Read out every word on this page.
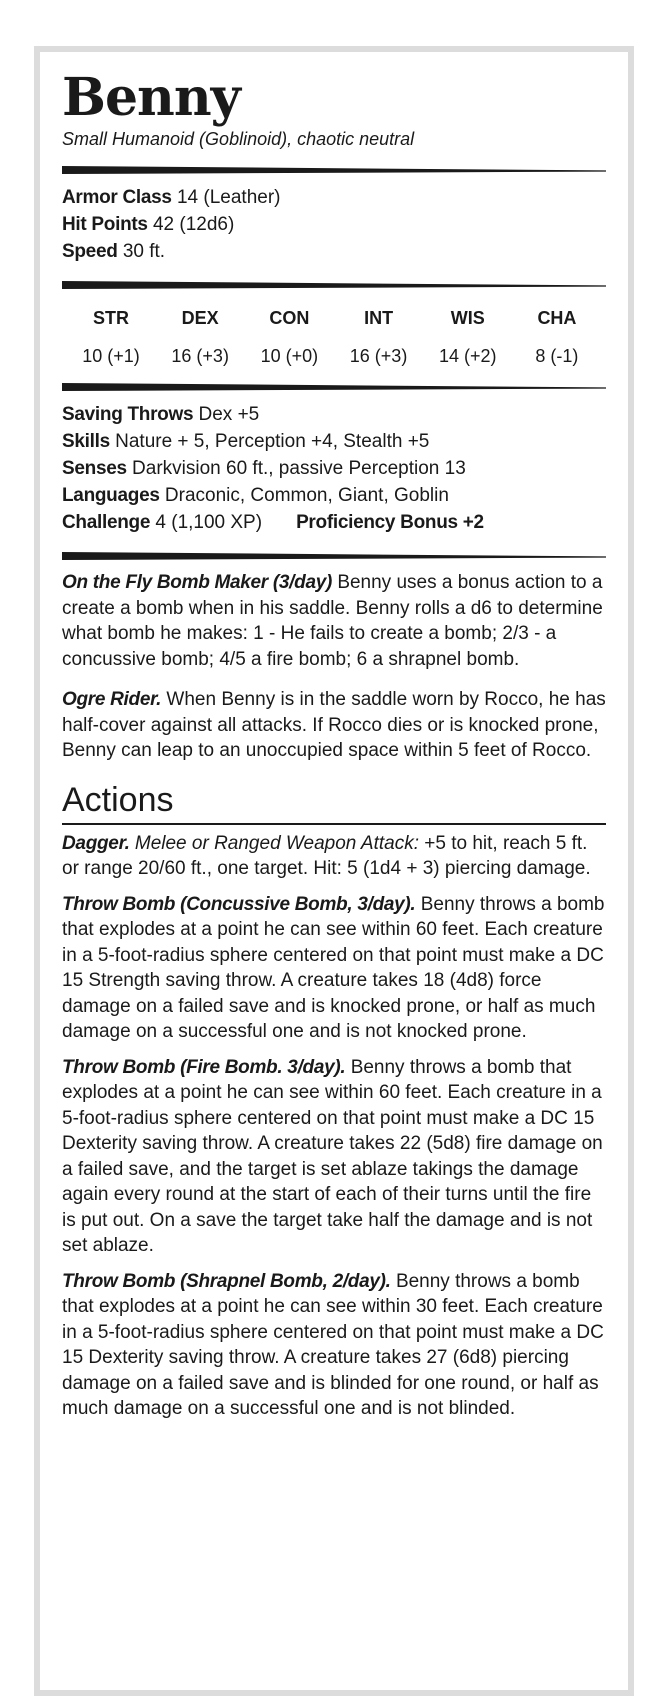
Benny

Small Humanoid (Goblinoid), chaotic neutral

Armor Class 14 (Leather)

Hit Points 42 (12d6)

Speed 30 ft.

STR
10 (+1)
DEX
16 (+3)
CON
10 (+0)
INT
16 (+3)
WIS
14 (+2)
CHA
8 (-1)

Saving Throws Dex +5

Skills Nature + 5, Perception +4, Stealth +5

Senses Darkvision 60 ft., passive Perception 13

Languages Draconic, Common, Giant, Goblin

Challenge 4 (1,100 XP) Proficiency Bonus +2

On the Fly Bomb Maker (3/day) Benny uses a bonus action to a create a bomb when in his saddle. Benny rolls a d6 to determine what bomb he makes: 1 - He fails to create a bomb; 2/3 - a concussive bomb; 4/5 a fire bomb; 6 a shrapnel bomb.

Ogre Rider. When Benny is in the saddle worn by Rocco, he has half-cover against all attacks. If Rocco dies or is knocked prone, Benny can leap to an unoccupied space within 5 feet of Rocco.

Actions

Dagger. Melee or Ranged Weapon Attack: +5 to hit, reach 5 ft. or range 20/60 ft., one target. Hit: 5 (1d4 + 3) piercing damage.

Throw Bomb (Concussive Bomb, 3/day). Benny throws a bomb that explodes at a point he can see within 60 feet. Each creature in a 5-foot-radius sphere centered on that point must make a DC 15 Strength saving throw. A creature takes 18 (4d8) force damage on a failed save and is knocked prone, or half as much damage on a successful one and is not knocked prone.

Throw Bomb (Fire Bomb. 3/day). Benny throws a bomb that explodes at a point he can see within 60 feet. Each creature in a 5-foot-radius sphere centered on that point must make a DC 15 Dexterity saving throw. A creature takes 22 (5d8) fire damage on a failed save, and the target is set ablaze takings the damage again every round at the start of each of their turns until the fire is put out. On a save the target take half the damage and is not set ablaze.

Throw Bomb (Shrapnel Bomb, 2/day). Benny throws a bomb that explodes at a point he can see within 30 feet. Each creature in a 5-foot-radius sphere centered on that point must make a DC 15 Dexterity saving throw. A creature takes 27 (6d8) piercing damage on a failed save and is blinded for one round, or half as much damage on a successful one and is not blinded.
